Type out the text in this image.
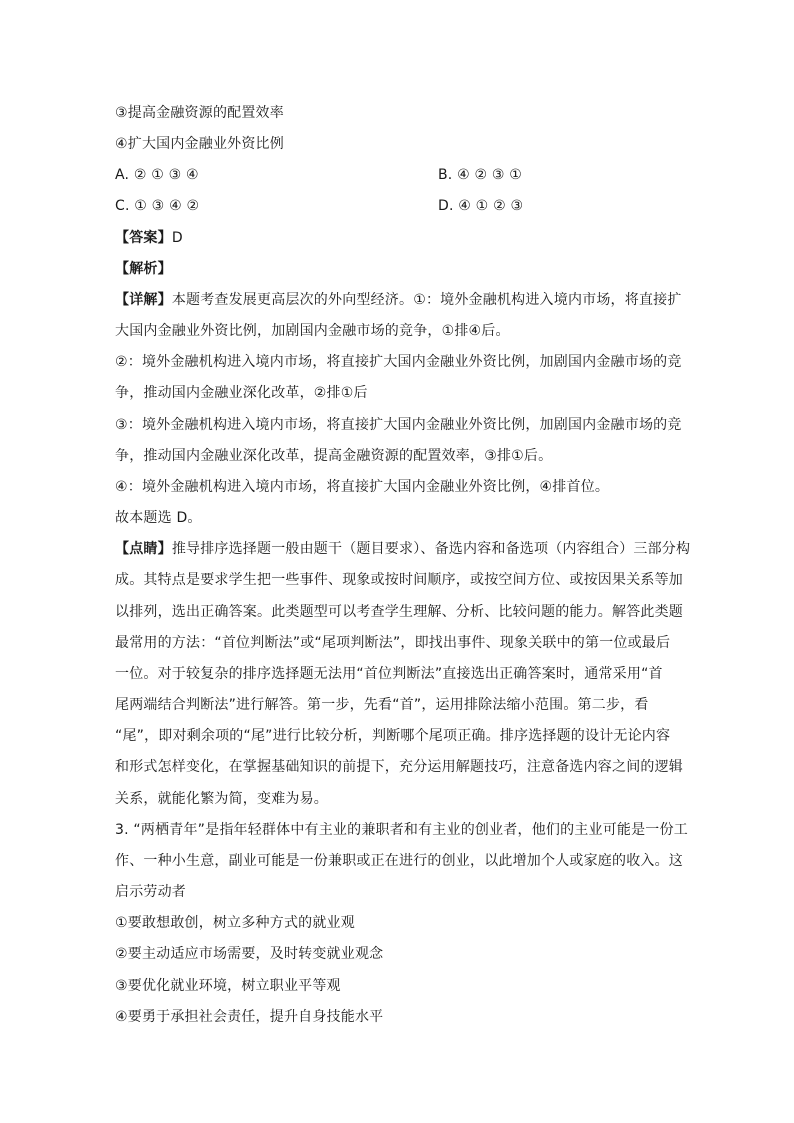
③提高金融资源的配置效率
④扩大国内金融业外资比例
A. ② ① ③ ④	B. ④ ② ③ ①
C. ① ③ ④ ②	D. ④ ① ② ③
【答案】D
【解析】
【详解】本题考查发展更高层次的外向型经济。①：境外金融机构进入境内市场，将直接扩
大国内金融业外资比例，加剧国内金融市场的竞争，①排④后。
②：境外金融机构进入境内市场，将直接扩大国内金融业外资比例，加剧国内金融市场的竞
争，推动国内金融业深化改革，②排①后
③：境外金融机构进入境内市场，将直接扩大国内金融业外资比例，加剧国内金融市场的竞
争，推动国内金融业深化改革，提高金融资源的配置效率，③排①后。
④：境外金融机构进入境内市场，将直接扩大国内金融业外资比例，④排首位。
故本题选 D。
【点睛】推导排序选择题一般由题干（题目要求）、备选内容和备选项（内容组合）三部分构
成。其特点是要求学生把一些事件、现象或按时间顺序，或按空间方位、或按因果关系等加
以排列，选出正确答案。此类题型可以考查学生理解、分析、比较问题的能力。解答此类题
最常用的方法：“首位判断法”或“尾项判断法”，即找出事件、现象关联中的第一位或最后
一位。对于较复杂的排序选择题无法用“首位判断法”直接选出正确答案时，通常采用“首
尾两端结合判断法”进行解答。第一步，先看“首”，运用排除法缩小范围。第二步，看
“尾”，即对剩余项的“尾”进行比较分析，判断哪个尾项正确。排序选择题的设计无论内容
和形式怎样变化，在掌握基础知识的前提下，充分运用解题技巧，注意备选内容之间的逻辑
关系，就能化繁为简，变难为易。
3. “两栖青年”是指年轻群体中有主业的兼职者和有主业的创业者，他们的主业可能是一份工
作、一种小生意，副业可能是一份兼职或正在进行的创业，以此增加个人或家庭的收入。这
启示劳动者
①要敢想敢创，树立多种方式的就业观
②要主动适应市场需要，及时转变就业观念
③要优化就业环境，树立职业平等观
④要勇于承担社会责任，提升自身技能水平
